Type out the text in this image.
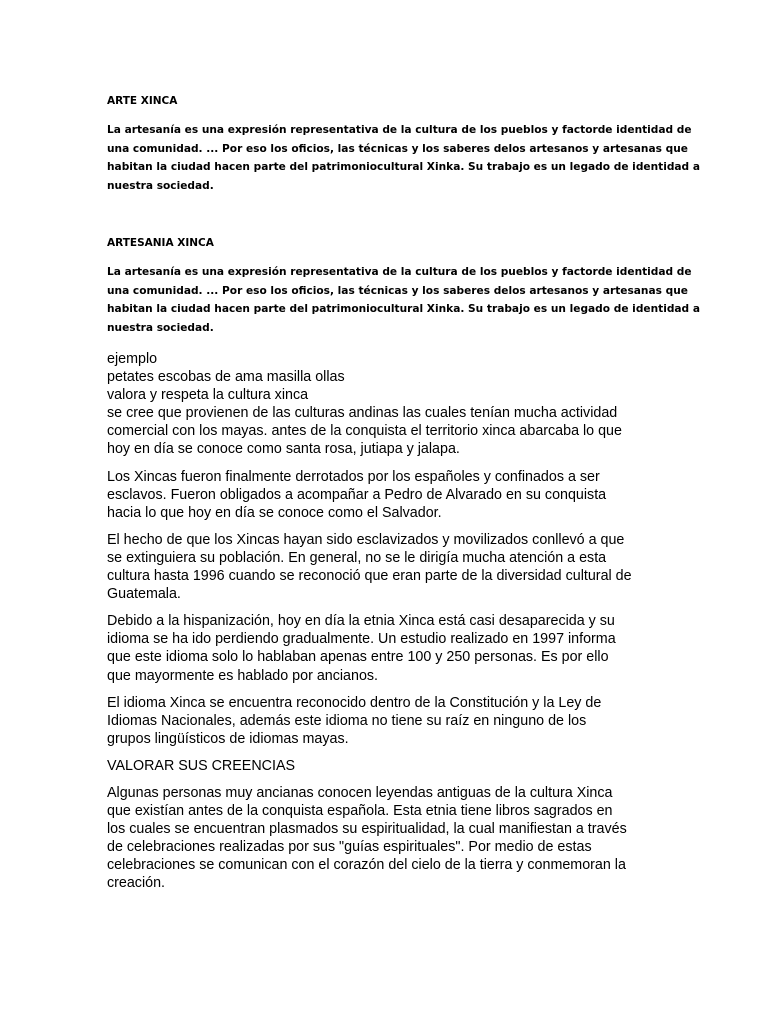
ARTE XINCA

La artesanía es una expresión representativa de la cultura de los pueblos y factorde identidad de
una comunidad. ... Por eso los oficios, las técnicas y los saberes delos artesanos y artesanas que
habitan la ciudad hacen parte del patrimoniocultural Xinka. Su trabajo es un legado de identidad a
nuestra sociedad.

ARTESANIA XINCA

La artesanía es una expresión representativa de la cultura de los pueblos y factorde identidad de
una comunidad. ... Por eso los oficios, las técnicas y los saberes delos artesanos y artesanas que
habitan la ciudad hacen parte del patrimoniocultural Xinka. Su trabajo es un legado de identidad a
nuestra sociedad.

ejemplo
petates escobas de ama masilla ollas
valora y respeta la cultura xinca
se cree que provienen de las culturas andinas las cuales tenían mucha actividad
comercial con los mayas. antes de la conquista el territorio xinca abarcaba lo que
hoy en día se conoce como santa rosa, jutiapa y jalapa.

Los Xincas fueron finalmente derrotados por los españoles y confinados a ser
esclavos. Fueron obligados a acompañar a Pedro de Alvarado en su conquista
hacia lo que hoy en día se conoce como el Salvador.

El hecho de que los Xincas hayan sido esclavizados y movilizados conllevó a que
se extinguiera su población. En general, no se le dirigía mucha atención a esta
cultura hasta 1996 cuando se reconoció que eran parte de la diversidad cultural de
Guatemala.

Debido a la hispanización, hoy en día la etnia Xinca está casi desaparecida y su
idioma se ha ido perdiendo gradualmente. Un estudio realizado en 1997 informa
que este idioma solo lo hablaban apenas entre 100 y 250 personas. Es por ello
que mayormente es hablado por ancianos.

El idioma Xinca se encuentra reconocido dentro de la Constitución y la Ley de
Idiomas Nacionales, además este idioma no tiene su raíz en ninguno de los
grupos lingüísticos de idiomas mayas.

VALORAR SUS CREENCIAS

Algunas personas muy ancianas conocen leyendas antiguas de la cultura Xinca
que existían antes de la conquista española. Esta etnia tiene libros sagrados en
los cuales se encuentran plasmados su espiritualidad, la cual manifiestan a través
de celebraciones realizadas por sus "guías espirituales". Por medio de estas
celebraciones se comunican con el corazón del cielo de la tierra y conmemoran la
creación.
